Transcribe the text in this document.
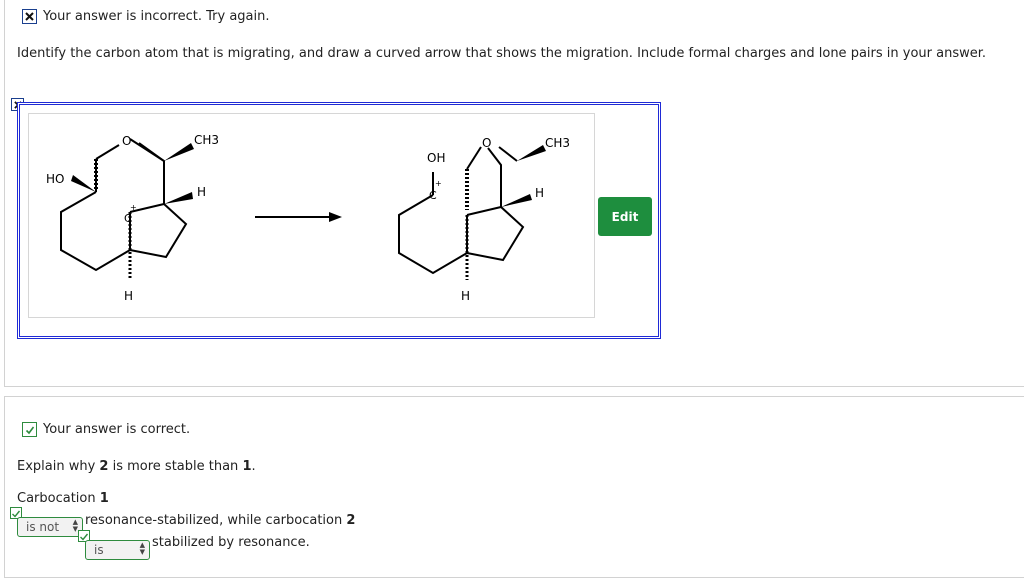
Your answer is incorrect. Try again.
Identify the carbon atom that is migrating, and draw a curved arrow that shows the migration. Include formal charges and lone pairs in your answer.
O	CH3
HO
H
C
+
H
OH
O	CH3
C
+
H
H
Edit
Your answer is correct.
Explain why 2 is more stable than 1.
Carbocation 1
is not ▲
▼
resonance-stabilized, while carbocation 2
is	▲
▼
stabilized by resonance.
